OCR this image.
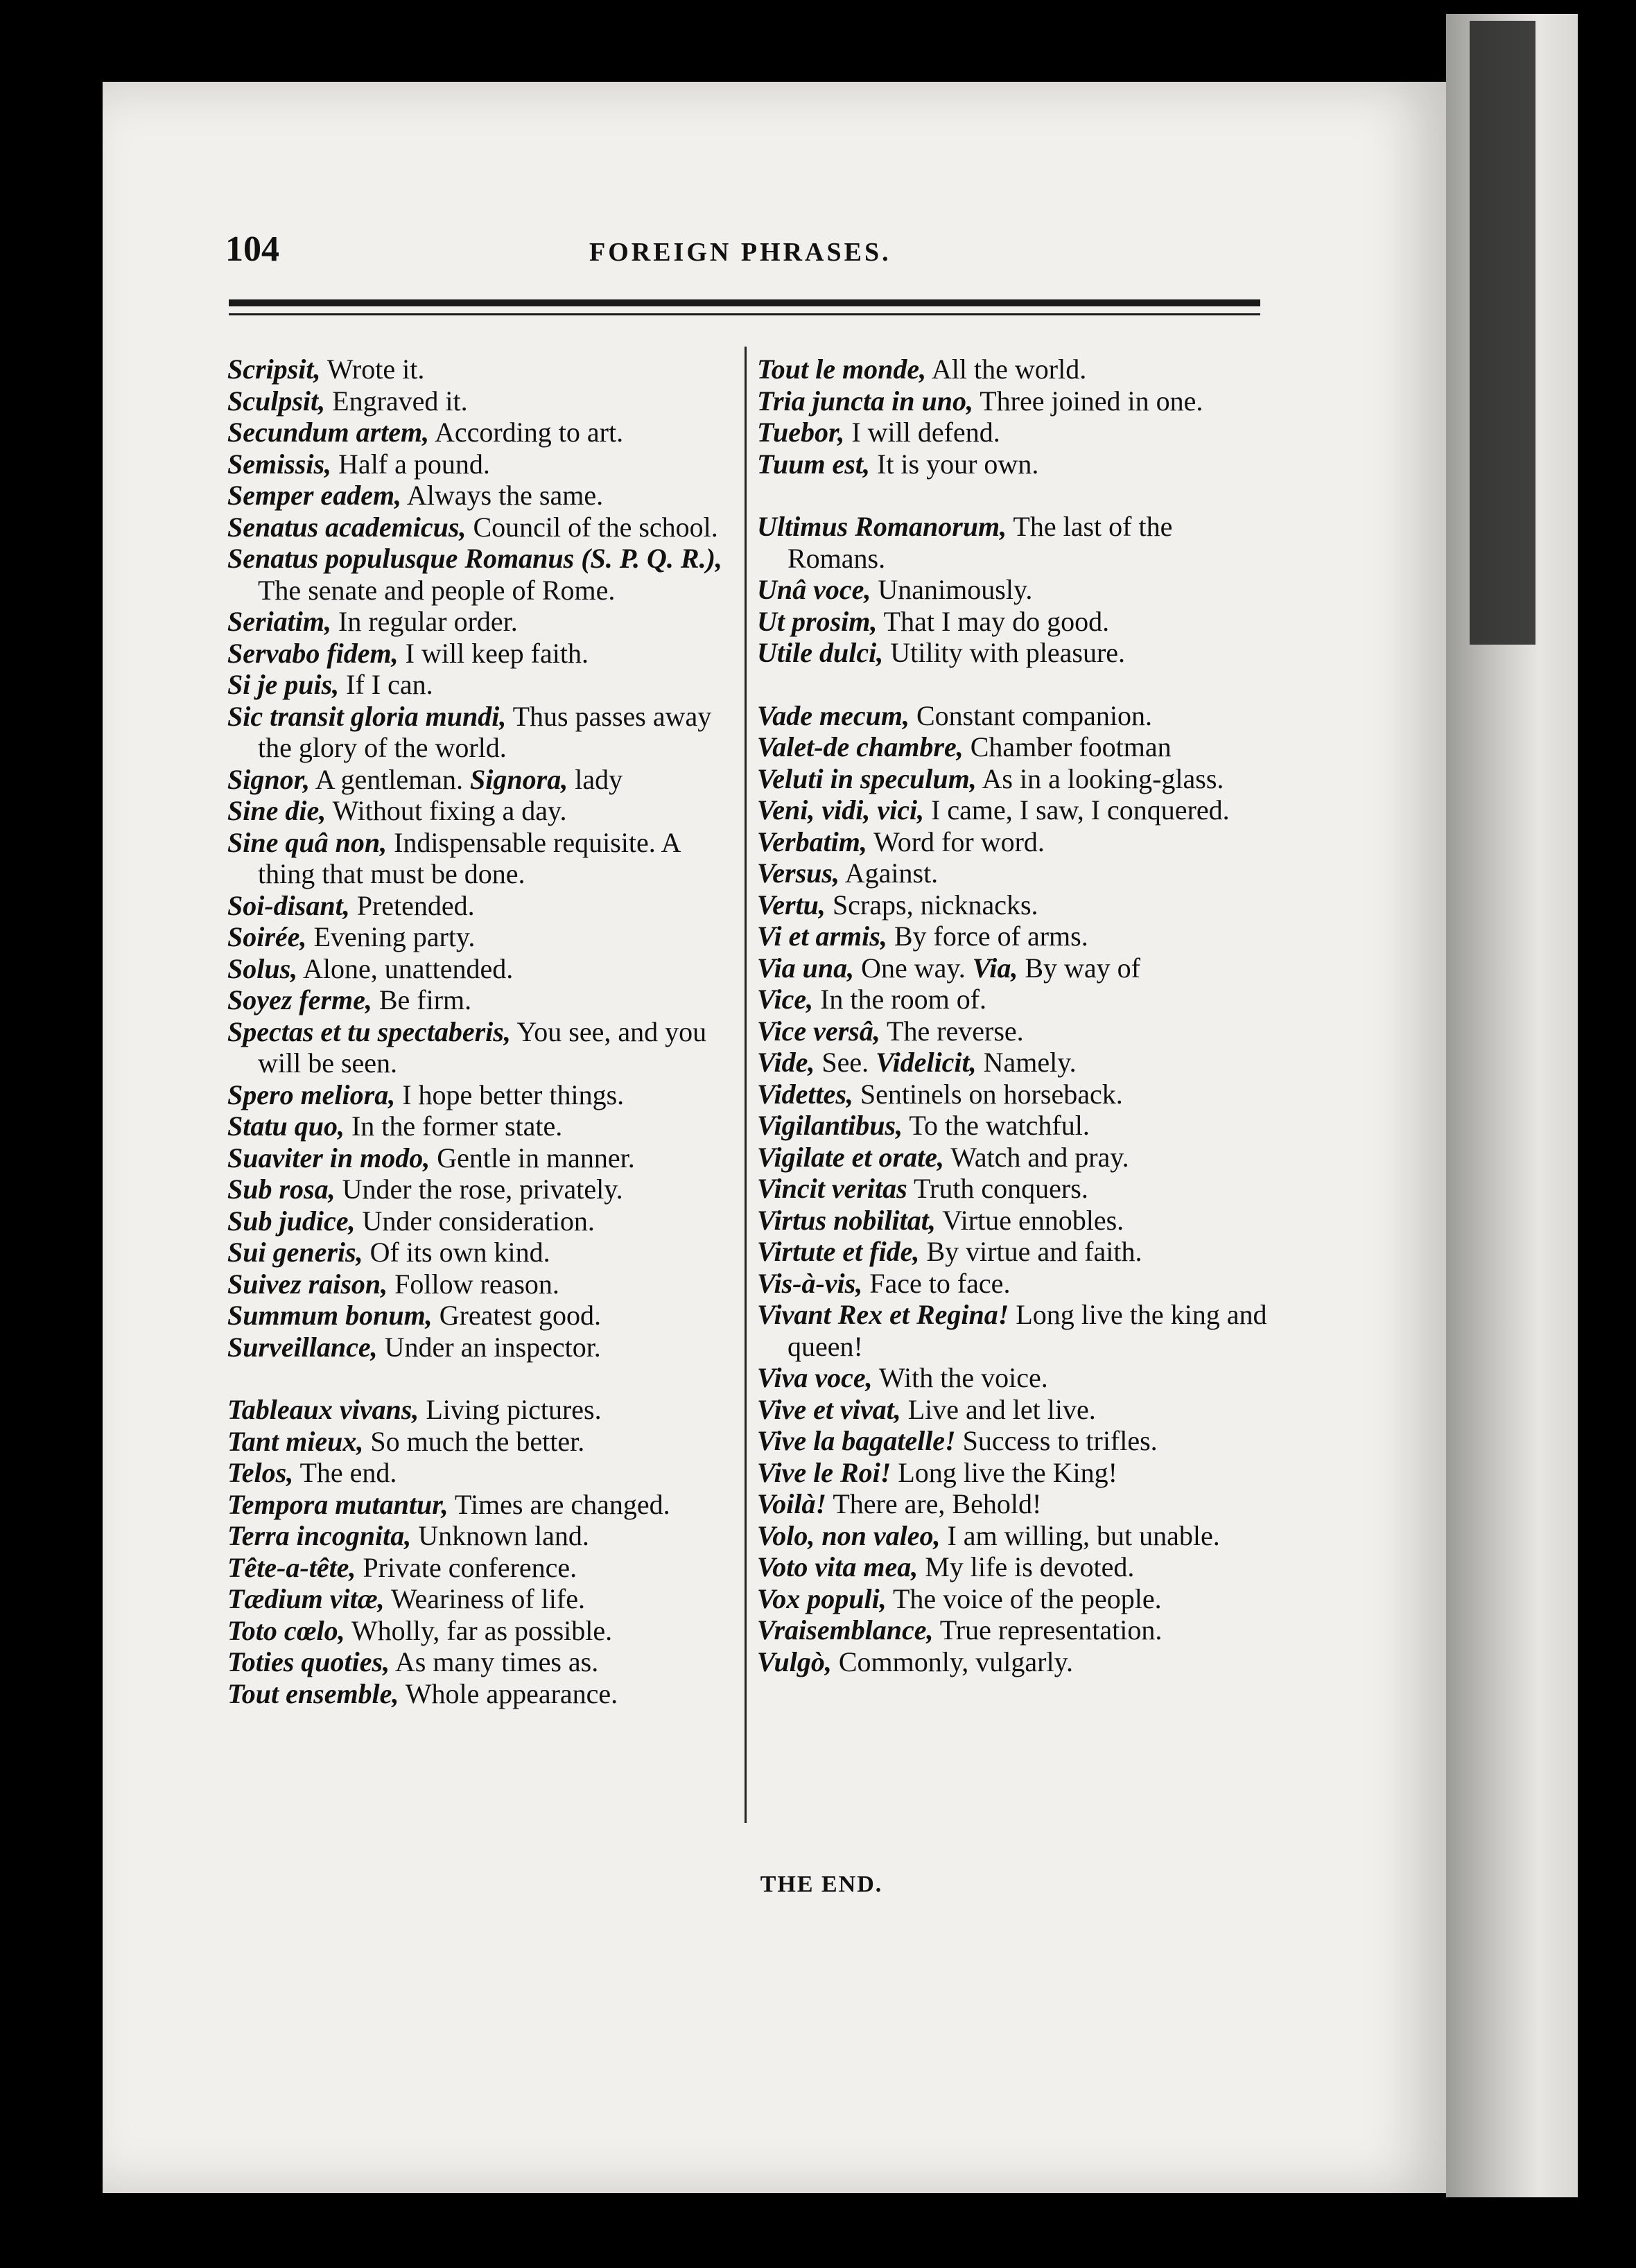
104	FOREIGN PHRASES.

Scripsit, Wrote it.

Sculpsit, Engraved it.

Secundum artem, According to art.

Semissis, Half a pound.

Semper eadem, Always the same.

Senatus academicus, Council of the school.

Senatus populusque Romanus (S. P. Q. R.), The senate and people of Rome.

Seriatim, In regular order.

Servabo fidem, I will keep faith.

Si je puis, If I can.

Sic transit gloria mundi, Thus passes away the glory of the world.

Signor, A gentleman. Signora, lady

Sine die, Without fixing a day.

Sine quâ non, Indispensable requisite. A thing that must be done.

Soi-disant, Pretended.

Soirée, Evening party.

Solus, Alone, unattended.

Soyez ferme, Be firm.

Spectas et tu spectaberis, You see, and you will be seen.

Spero meliora, I hope better things.

Statu quo, In the former state.

Suaviter in modo, Gentle in manner.

Sub rosa, Under the rose, privately.

Sub judice, Under consideration.

Sui generis, Of its own kind.

Suivez raison, Follow reason.

Summum bonum, Greatest good.

Surveillance, Under an inspector.

Tableaux vivans, Living pictures.

Tant mieux, So much the better.

Telos, The end.

Tempora mutantur, Times are changed.

Terra incognita, Unknown land.

Tête-a-tête, Private conference.

Tædium vitæ, Weariness of life.

Toto cœlo, Wholly, far as possible.

Toties quoties, As many times as.

Tout ensemble, Whole appearance.

Tout le monde, All the world.

Tria juncta in uno, Three joined in one.

Tuebor, I will defend.

Tuum est, It is your own.

Ultimus Romanorum, The last of the Romans.

Unâ voce, Unanimously.

Ut prosim, That I may do good.

Utile dulci, Utility with pleasure.

Vade mecum, Constant companion.

Valet-de chambre, Chamber footman

Veluti in speculum, As in a looking-glass.

Veni, vidi, vici, I came, I saw, I conquered.

Verbatim, Word for word.

Versus, Against.

Vertu, Scraps, nicknacks.

Vi et armis, By force of arms.

Via una, One way. Via, By way of

Vice, In the room of.

Vice versâ, The reverse.

Vide, See. Videlicit, Namely.

Videttes, Sentinels on horseback.

Vigilantibus, To the watchful.

Vigilate et orate, Watch and pray.

Vincit veritas Truth conquers.

Virtus nobilitat, Virtue ennobles.

Virtute et fide, By virtue and faith.

Vis-à-vis, Face to face.

Vivant Rex et Regina! Long live the king and queen!

Viva voce, With the voice.

Vive et vivat, Live and let live.

Vive la bagatelle! Success to trifles.

Vive le Roi! Long live the King!

Voilà! There are, Behold!

Volo, non valeo, I am willing, but unable.

Voto vita mea, My life is devoted.

Vox populi, The voice of the people.

Vraisemblance, True representation.

Vulgò, Commonly, vulgarly.

THE END.
